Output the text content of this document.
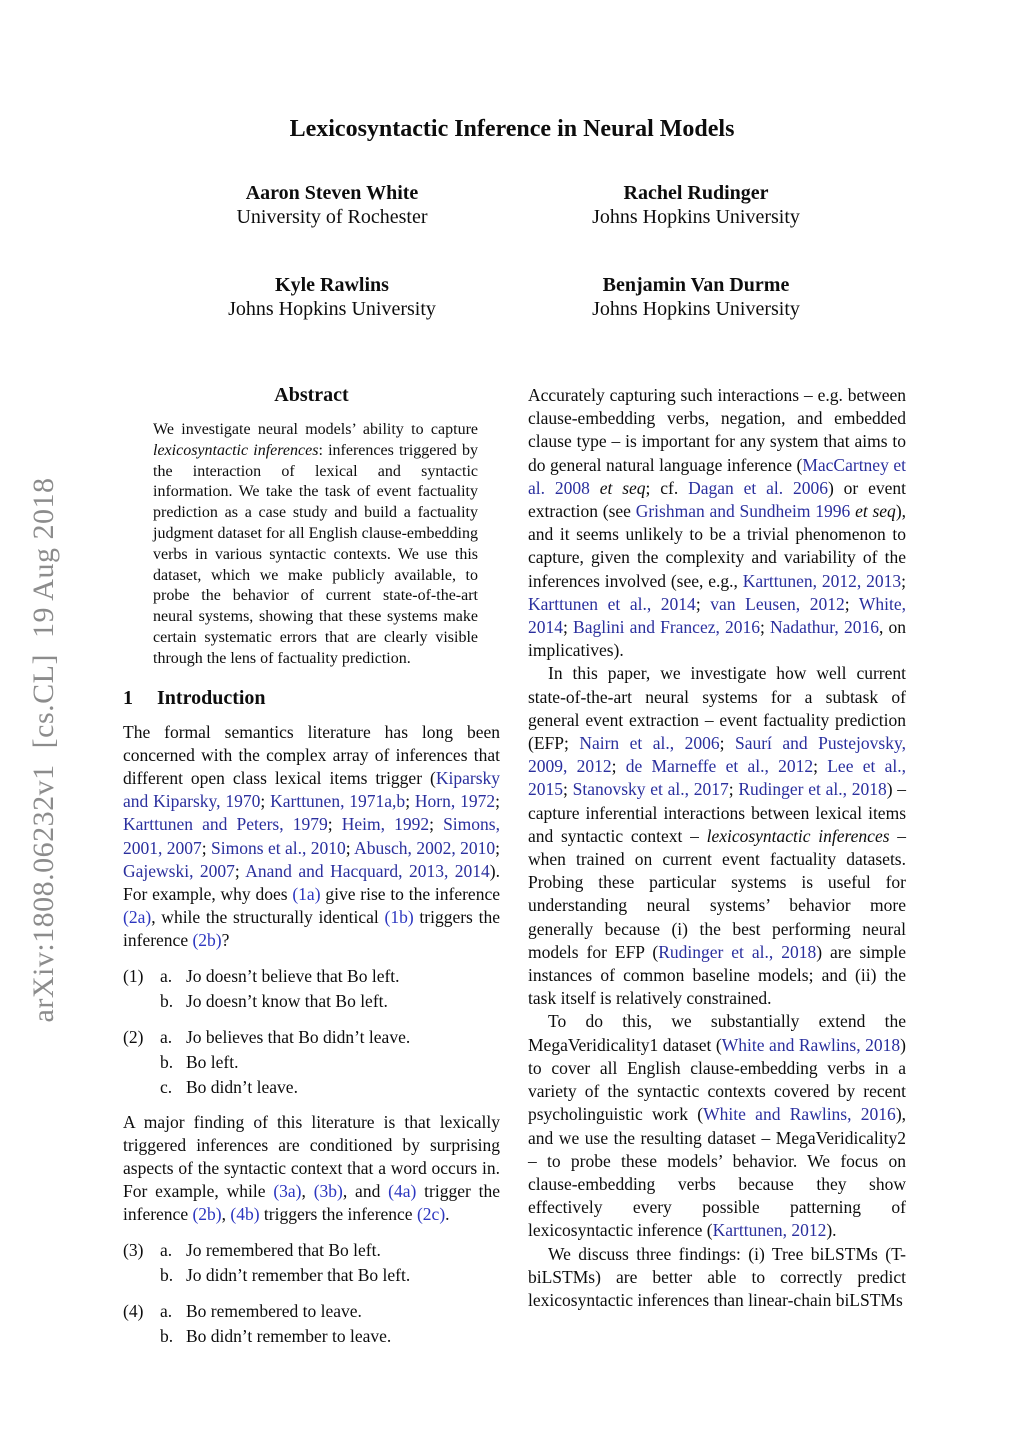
arXiv:1808.06232v1  [cs.CL]  19 Aug 2018
Lexicosyntactic Inference in Neural Models
Aaron Steven White
University of Rochester
Rachel Rudinger
Johns Hopkins University
Kyle Rawlins
Johns Hopkins University
Benjamin Van Durme
Johns Hopkins University
Abstract
We investigate neural models’ ability to capture lexicosyntactic inferences: inferences triggered by the interaction of lexical and syntactic information. We take the task of event factuality prediction as a case study and build a factuality judgment dataset for all English clause-embedding verbs in various syntactic contexts. We use this dataset, which we make publicly available, to probe the behavior of current state-of-the-art neural systems, showing that these systems make certain systematic errors that are clearly visible through the lens of factuality prediction.
1 Introduction
The formal semantics literature has long been concerned with the complex array of inferences that different open class lexical items trigger (Kiparsky and Kiparsky, 1970; Karttunen, 1971a,b; Horn, 1972; Karttunen and Peters, 1979; Heim, 1992; Simons, 2001, 2007; Simons et al., 2010; Abusch, 2002, 2010; Gajewski, 2007; Anand and Hacquard, 2013, 2014). For example, why does (1a) give rise to the inference (2a), while the structurally identical (1b) triggers the inference (2b)?
(1) a. Jo doesn’t believe that Bo left.
b. Jo doesn’t know that Bo left.
(2) a. Jo believes that Bo didn’t leave.
b. Bo left.
c. Bo didn’t leave.
A major finding of this literature is that lexically triggered inferences are conditioned by surprising aspects of the syntactic context that a word occurs in. For example, while (3a), (3b), and (4a) trigger the inference (2b), (4b) triggers the inference (2c).
(3) a. Jo remembered that Bo left.
b. Jo didn’t remember that Bo left.
(4) a. Bo remembered to leave.
b. Bo didn’t remember to leave.
Accurately capturing such interactions – e.g. between clause-embedding verbs, negation, and embedded clause type – is important for any system that aims to do general natural language inference (MacCartney et al. 2008 et seq; cf. Dagan et al. 2006) or event extraction (see Grishman and Sundheim 1996 et seq), and it seems unlikely to be a trivial phenomenon to capture, given the complexity and variability of the inferences involved (see, e.g., Karttunen, 2012, 2013; Karttunen et al., 2014; van Leusen, 2012; White, 2014; Baglini and Francez, 2016; Nadathur, 2016, on implicatives).
In this paper, we investigate how well current state-of-the-art neural systems for a subtask of general event extraction – event factuality prediction (EFP; Nairn et al., 2006; Saurí and Pustejovsky, 2009, 2012; de Marneffe et al., 2012; Lee et al., 2015; Stanovsky et al., 2017; Rudinger et al., 2018) – capture inferential interactions between lexical items and syntactic context – lexicosyntactic inferences – when trained on current event factuality datasets. Probing these particular systems is useful for understanding neural systems’ behavior more generally because (i) the best performing neural models for EFP (Rudinger et al., 2018) are simple instances of common baseline models; and (ii) the task itself is relatively constrained.
To do this, we substantially extend the MegaVeridicality1 dataset (White and Rawlins, 2018) to cover all English clause-embedding verbs in a variety of the syntactic contexts covered by recent psycholinguistic work (White and Rawlins, 2016), and we use the resulting dataset – MegaVeridicality2 – to probe these models’ behavior. We focus on clause-embedding verbs because they show effectively every possible patterning of lexicosyntactic inference (Karttunen, 2012).
We discuss three findings: (i) Tree biLSTMs (T-biLSTMs) are better able to correctly predict lexicosyntactic inferences than linear-chain biLSTMs
